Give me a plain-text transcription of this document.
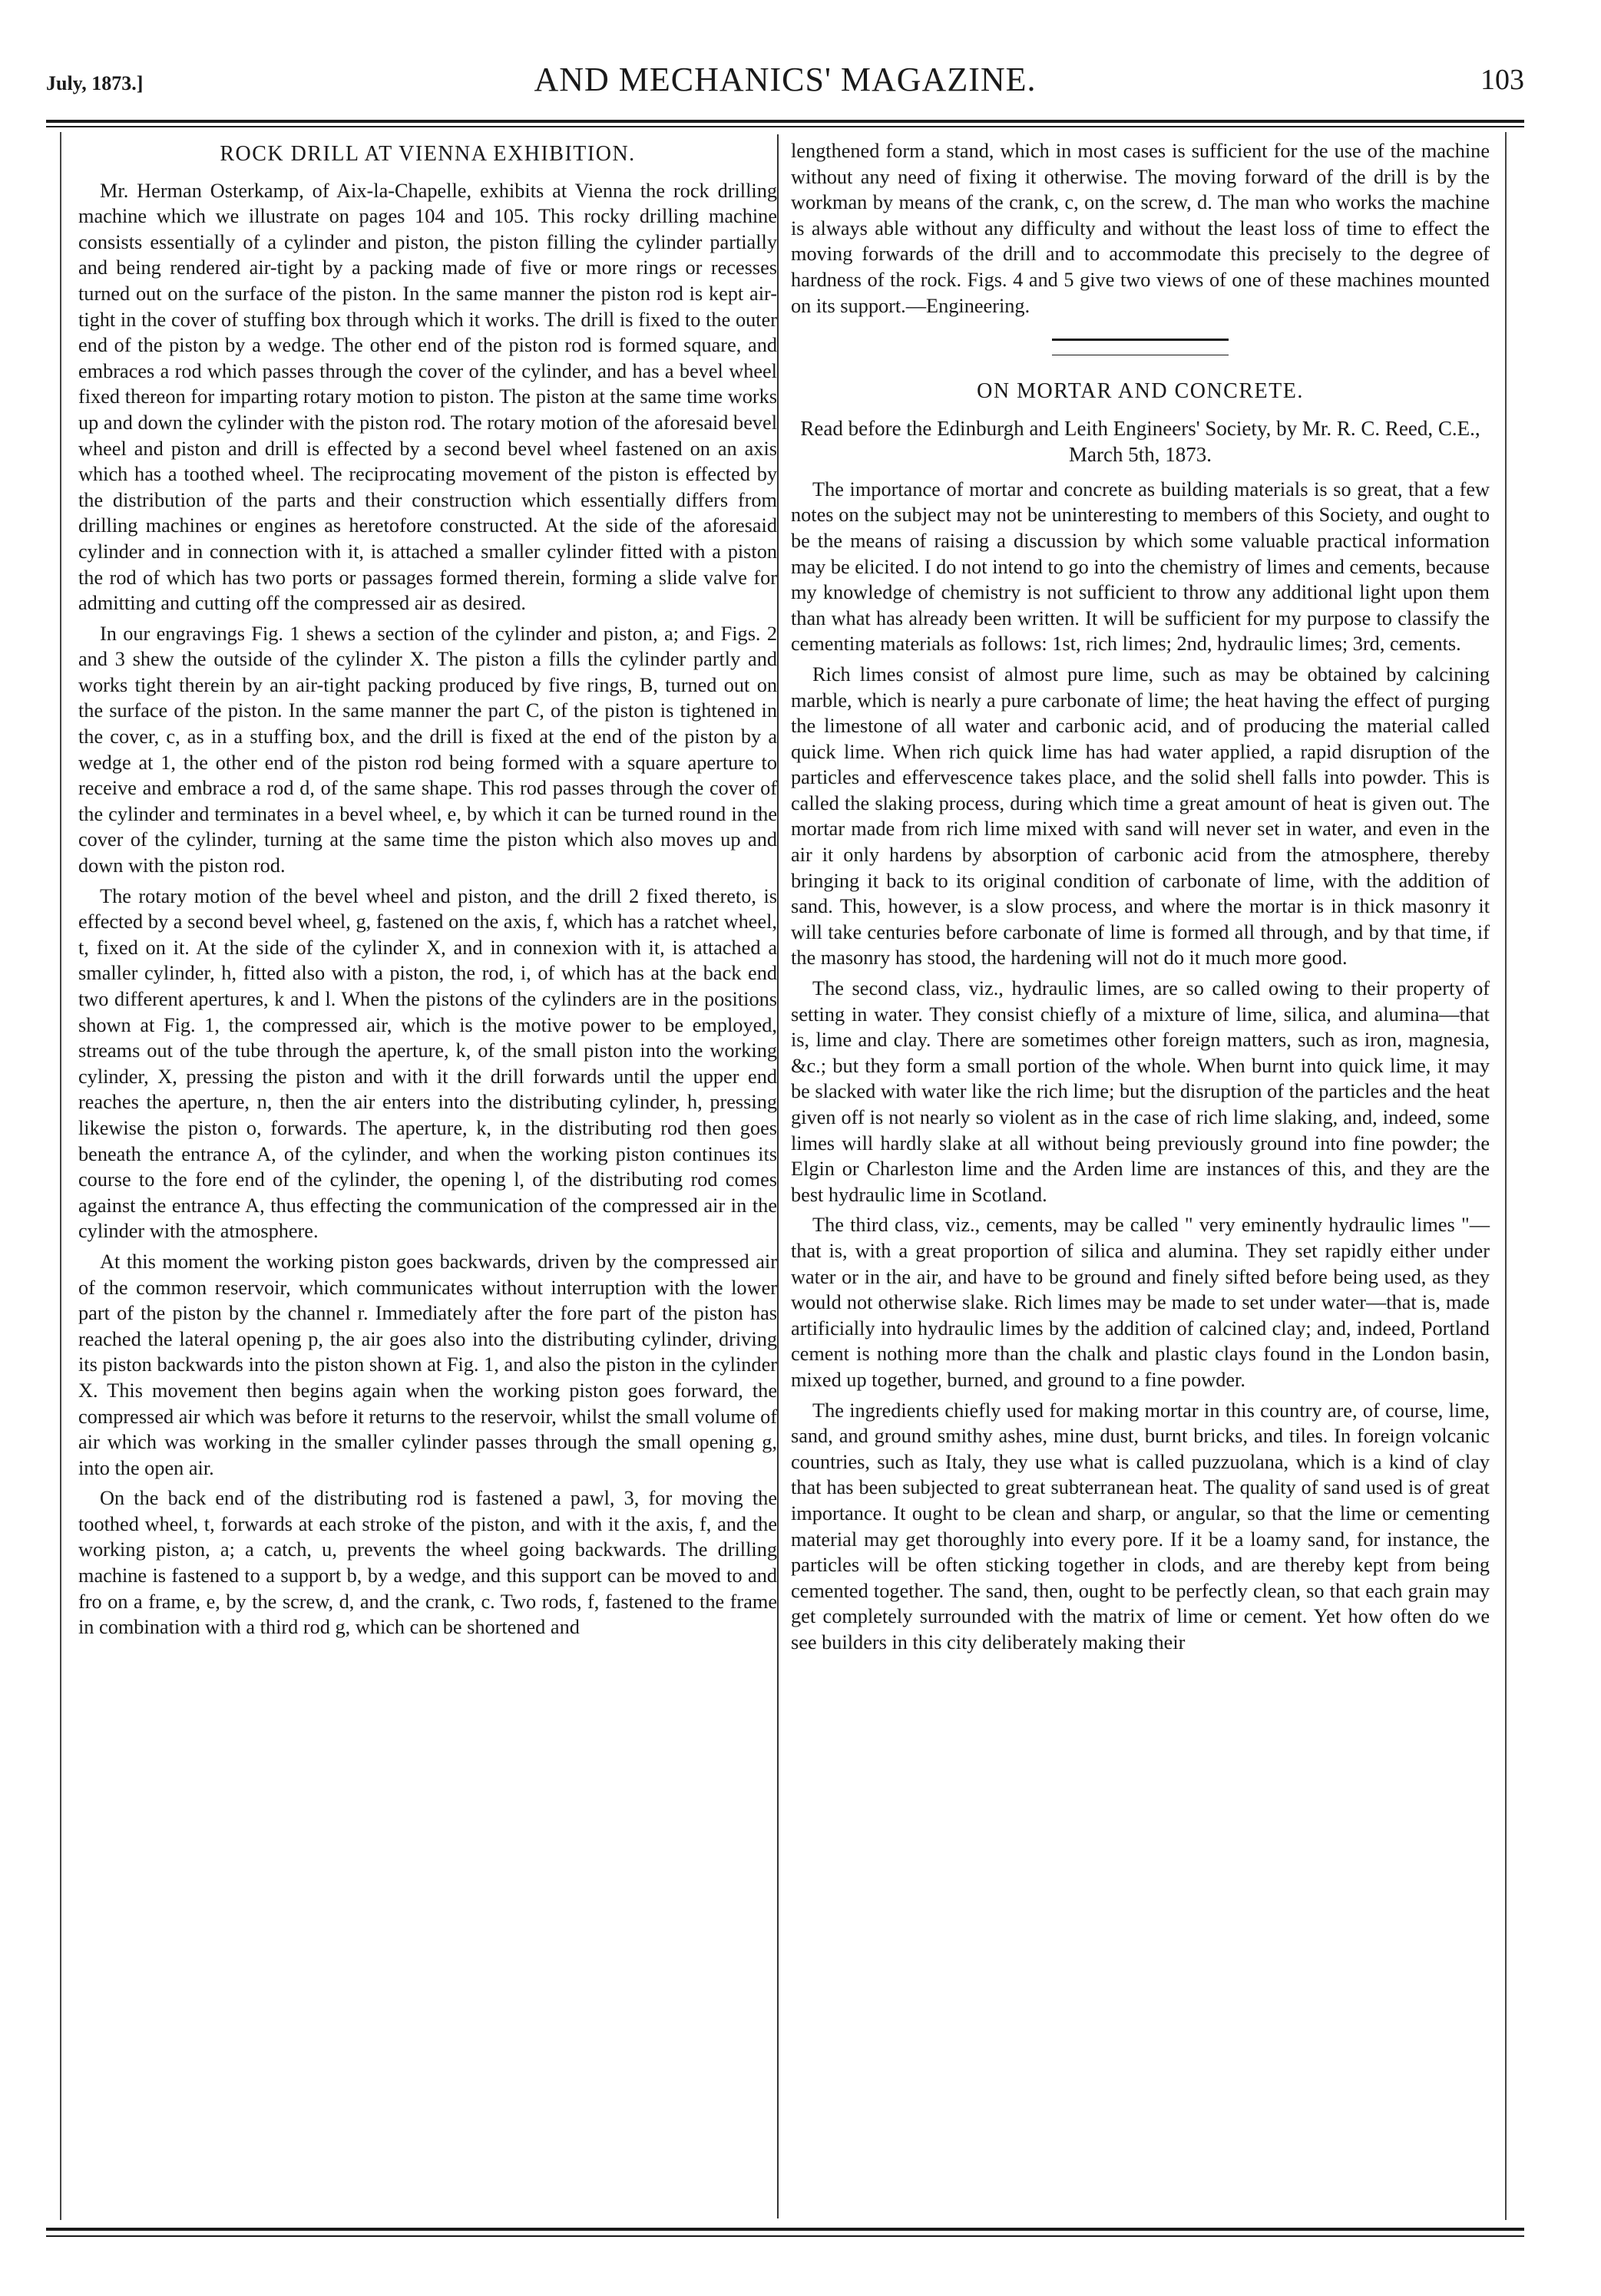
July, 1873.]	AND MECHANICS' MAGAZINE.	103
ROCK DRILL AT VIENNA EXHIBITION.

Mr. Herman Osterkamp, of Aix-la-Chapelle, exhibits at Vienna the rock drilling machine which we illustrate on pages 104 and 105. This rocky drilling machine consists essentially of a cylinder and piston, the piston filling the cylinder partially and being rendered air-tight by a packing made of five or more rings or recesses turned out on the surface of the piston. In the same manner the piston rod is kept air-tight in the cover of stuffing box through which it works. The drill is fixed to the outer end of the piston by a wedge. The other end of the piston rod is formed square, and embraces a rod which passes through the cover of the cylinder, and has a bevel wheel fixed thereon for imparting rotary motion to piston. The piston at the same time works up and down the cylinder with the piston rod. The rotary motion of the aforesaid bevel wheel and piston and drill is effected by a second bevel wheel fastened on an axis which has a toothed wheel. The reciprocating movement of the piston is effected by the distribution of the parts and their construction which essentially differs from drilling machines or engines as heretofore constructed. At the side of the aforesaid cylinder and in connection with it, is attached a smaller cylinder fitted with a piston the rod of which has two ports or passages formed therein, forming a slide valve for admitting and cutting off the compressed air as desired.

In our engravings Fig. 1 shews a section of the cylinder and piston, a; and Figs. 2 and 3 shew the outside of the cylinder X. The piston a fills the cylinder partly and works tight therein by an air-tight packing produced by five rings, B, turned out on the surface of the piston. In the same manner the part C, of the piston is tightened in the cover, c, as in a stuffing box, and the drill is fixed at the end of the piston by a wedge at 1, the other end of the piston rod being formed with a square aperture to receive and embrace a rod d, of the same shape. This rod passes through the cover of the cylinder and terminates in a bevel wheel, e, by which it can be turned round in the cover of the cylinder, turning at the same time the piston which also moves up and down with the piston rod.

The rotary motion of the bevel wheel and piston, and the drill 2 fixed thereto, is effected by a second bevel wheel, g, fastened on the axis, f, which has a ratchet wheel, t, fixed on it. At the side of the cylinder X, and in connexion with it, is attached a smaller cylinder, h, fitted also with a piston, the rod, i, of which has at the back end two different apertures, k and l. When the pistons of the cylinders are in the positions shown at Fig. 1, the compressed air, which is the motive power to be employed, streams out of the tube through the aperture, k, of the small piston into the working cylinder, X, pressing the piston and with it the drill forwards until the upper end reaches the aperture, n, then the air enters into the distributing cylinder, h, pressing likewise the piston o, forwards. The aperture, k, in the distributing rod then goes beneath the entrance A, of the cylinder, and when the working piston continues its course to the fore end of the cylinder, the opening l, of the distributing rod comes against the entrance A, thus effecting the communication of the compressed air in the cylinder with the atmosphere.

At this moment the working piston goes backwards, driven by the compressed air of the common reservoir, which communicates without interruption with the lower part of the piston by the channel r. Immediately after the fore part of the piston has reached the lateral opening p, the air goes also into the distributing cylinder, driving its piston backwards into the piston shown at Fig. 1, and also the piston in the cylinder X. This movement then begins again when the working piston goes forward, the compressed air which was before it returns to the reservoir, whilst the small volume of air which was working in the smaller cylinder passes through the small opening g, into the open air.

On the back end of the distributing rod is fastened a pawl, 3, for moving the toothed wheel, t, forwards at each stroke of the piston, and with it the axis, f, and the working piston, a; a catch, u, prevents the wheel going backwards. The drilling machine is fastened to a support b, by a wedge, and this support can be moved to and fro on a frame, e, by the screw, d, and the crank, c. Two rods, f, fastened to the frame in combination with a third rod g, which can be shortened and

lengthened form a stand, which in most cases is sufficient for the use of the machine without any need of fixing it otherwise. The moving forward of the drill is by the workman by means of the crank, c, on the screw, d. The man who works the machine is always able without any difficulty and without the least loss of time to effect the moving forwards of the drill and to accommodate this precisely to the degree of hardness of the rock. Figs. 4 and 5 give two views of one of these machines mounted on its support.—Engineering.

ON MORTAR AND CONCRETE.
Read before the Edinburgh and Leith Engineers' Society, by Mr. R. C. Reed, C.E., March 5th, 1873.

The importance of mortar and concrete as building materials is so great, that a few notes on the subject may not be uninteresting to members of this Society, and ought to be the means of raising a discussion by which some valuable practical information may be elicited. I do not intend to go into the chemistry of limes and cements, because my knowledge of chemistry is not sufficient to throw any additional light upon them than what has already been written. It will be sufficient for my purpose to classify the cementing materials as follows: 1st, rich limes; 2nd, hydraulic limes; 3rd, cements.

Rich limes consist of almost pure lime, such as may be obtained by calcining marble, which is nearly a pure carbonate of lime; the heat having the effect of purging the limestone of all water and carbonic acid, and of producing the material called quick lime. When rich quick lime has had water applied, a rapid disruption of the particles and effervescence takes place, and the solid shell falls into powder. This is called the slaking process, during which time a great amount of heat is given out. The mortar made from rich lime mixed with sand will never set in water, and even in the air it only hardens by absorption of carbonic acid from the atmosphere, thereby bringing it back to its original condition of carbonate of lime, with the addition of sand. This, however, is a slow process, and where the mortar is in thick masonry it will take centuries before carbonate of lime is formed all through, and by that time, if the masonry has stood, the hardening will not do it much more good.

The second class, viz., hydraulic limes, are so called owing to their property of setting in water. They consist chiefly of a mixture of lime, silica, and alumina—that is, lime and clay. There are sometimes other foreign matters, such as iron, magnesia, &c.; but they form a small portion of the whole. When burnt into quick lime, it may be slacked with water like the rich lime; but the disruption of the particles and the heat given off is not nearly so violent as in the case of rich lime slaking, and, indeed, some limes will hardly slake at all without being previously ground into fine powder; the Elgin or Charleston lime and the Arden lime are instances of this, and they are the best hydraulic lime in Scotland.

The third class, viz., cements, may be called " very eminently hydraulic limes "—that is, with a great proportion of silica and alumina. They set rapidly either under water or in the air, and have to be ground and finely sifted before being used, as they would not otherwise slake. Rich limes may be made to set under water—that is, made artificially into hydraulic limes by the addition of calcined clay; and, indeed, Portland cement is nothing more than the chalk and plastic clays found in the London basin, mixed up together, burned, and ground to a fine powder.

The ingredients chiefly used for making mortar in this country are, of course, lime, sand, and ground smithy ashes, mine dust, burnt bricks, and tiles. In foreign volcanic countries, such as Italy, they use what is called puzzuolana, which is a kind of clay that has been subjected to great subterranean heat. The quality of sand used is of great importance. It ought to be clean and sharp, or angular, so that the lime or cementing material may get thoroughly into every pore. If it be a loamy sand, for instance, the particles will be often sticking together in clods, and are thereby kept from being cemented together. The sand, then, ought to be perfectly clean, so that each grain may get completely surrounded with the matrix of lime or cement. Yet how often do we see builders in this city deliberately making their
